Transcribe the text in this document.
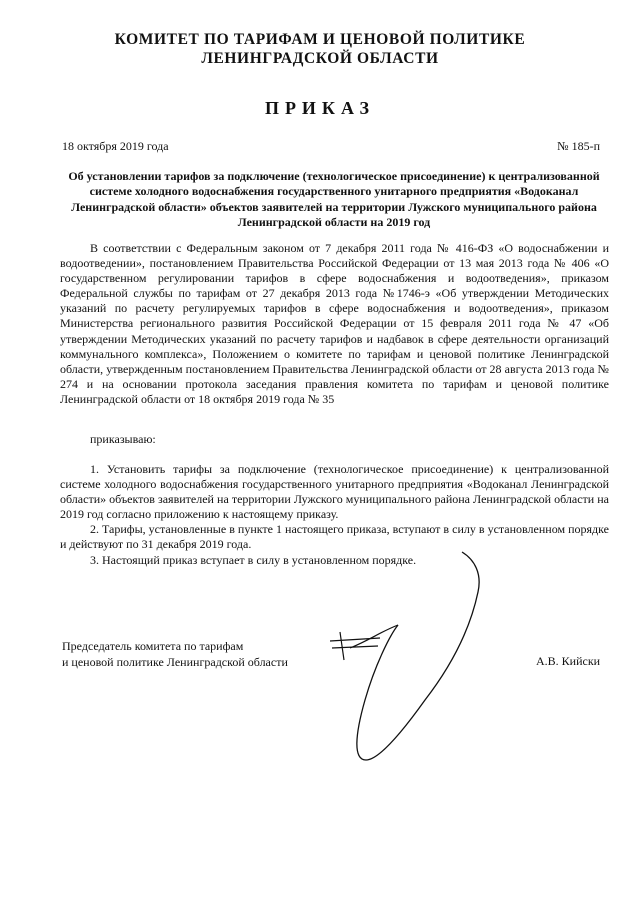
КОМИТЕТ ПО ТАРИФАМ И ЦЕНОВОЙ ПОЛИТИКЕ
ЛЕНИНГРАДСКОЙ ОБЛАСТИ
ПРИКАЗ
18 октября 2019 года	№ 185-п
Об установлении тарифов за подключение (технологическое присоединение) к централизованной системе холодного водоснабжения государственного унитарного предприятия «Водоканал Ленинградской области» объектов заявителей на территории Лужского муниципального района Ленинградской области на 2019 год

В соответствии с Федеральным законом от 7 декабря 2011 года № 416-ФЗ «О водоснабжении и водоотведении», постановлением Правительства Российской Федерации от 13 мая 2013 года № 406 «О государственном регулировании тарифов в сфере водоснабжения и водоотведения», приказом Федеральной службы по тарифам от 27 декабря 2013 года №1746-э «Об утверждении Методических указаний по расчету регулируемых тарифов в сфере водоснабжения и водоотведения», приказом Министерства регионального развития Российской Федерации от 15 февраля 2011 года № 47 «Об утверждении Методических указаний по расчету тарифов и надбавок в сфере деятельности организаций коммунального комплекса», Положением о комитете по тарифам и ценовой политике Ленинградской области, утвержденным постановлением Правительства Ленинградской области от 28 августа 2013 года № 274 и на основании протокола заседания правления комитета по тарифам и ценовой политике Ленинградской области от 18 октября 2019 года № 35

приказываю:

1. Установить тарифы за подключение (технологическое присоединение) к централизованной системе холодного водоснабжения государственного унитарного предприятия «Водоканал Ленинградской области» объектов заявителей на территории Лужского муниципального района Ленинградской области на 2019 год согласно приложению к настоящему приказу.

2. Тарифы, установленные в пункте 1 настоящего приказа, вступают в силу в установленном порядке и действуют по 31 декабря 2019 года.

3. Настоящий приказ вступает в силу в установленном порядке.

Председатель комитета по тарифам
и ценовой политике Ленинградской области	А.В. Кийски
